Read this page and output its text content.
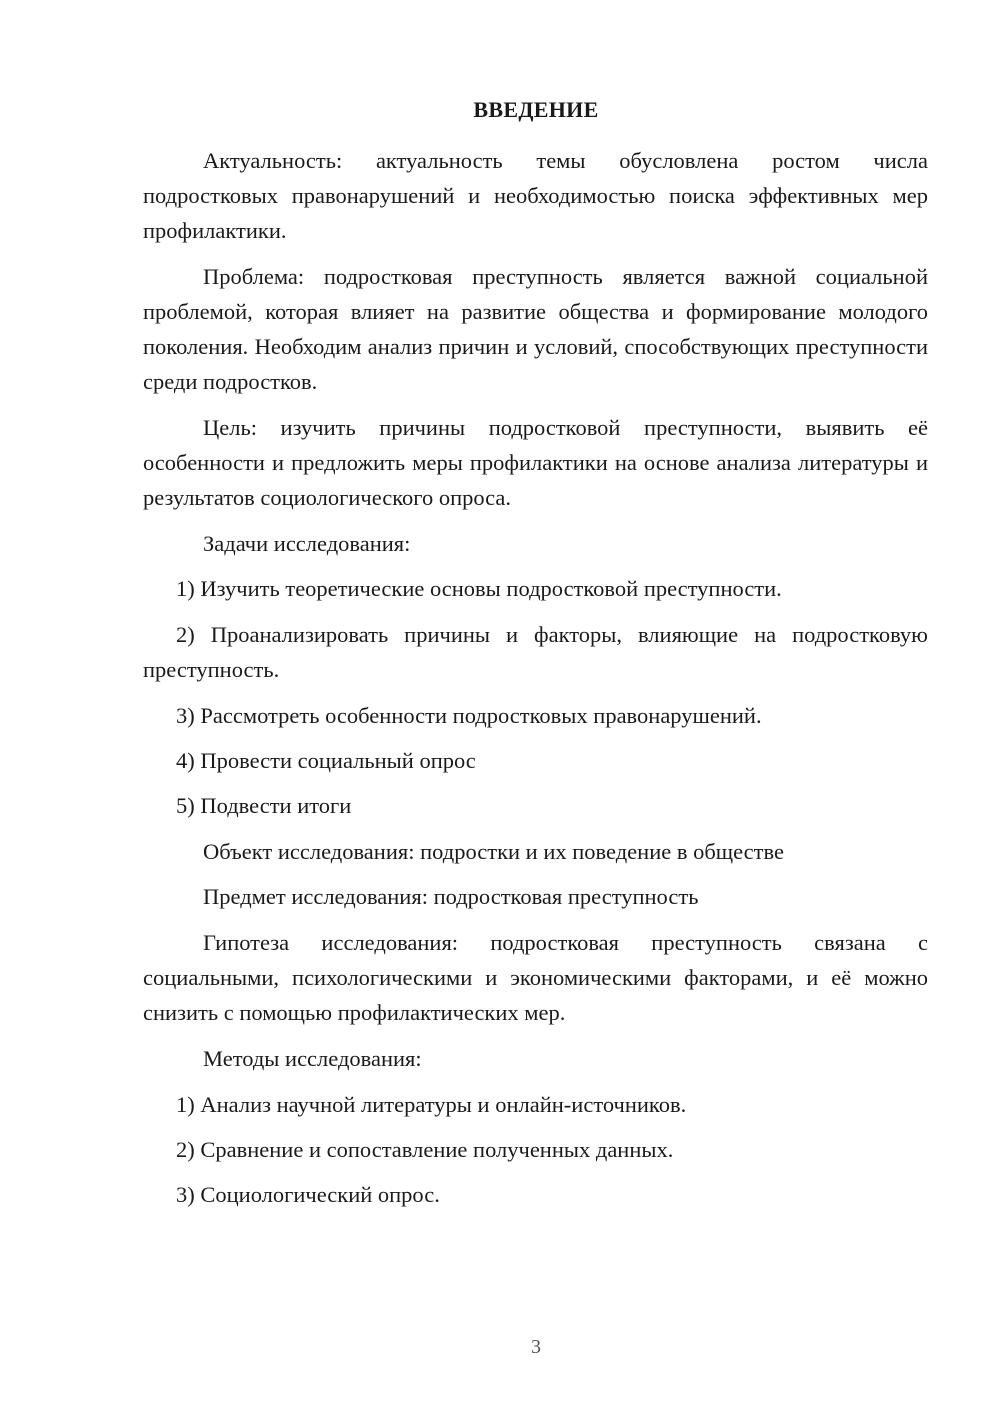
ВВЕДЕНИЕ

Актуальность: актуальность темы обусловлена ростом числа подростковых правонарушений и необходимостью поиска эффективных мер профилактики.

Проблема: подростковая преступность является важной социальной проблемой, которая влияет на развитие общества и формирование молодого поколения. Необходим анализ причин и условий, способствующих преступности среди подростков.

Цель: изучить причины подростковой преступности, выявить её особенности и предложить меры профилактики на основе анализа литературы и результатов социологического опроса.

Задачи исследования:
1) Изучить теоретические основы подростковой преступности.

2) Проанализировать причины и факторы, влияющие на подростковую преступность.

3) Рассмотреть особенности подростковых правонарушений.
4) Провести социальный опрос
5) Подвести итоги
Объект исследования: подростки и их поведение в обществе
Предмет исследования: подростковая преступность

Гипотеза исследования: подростковая преступность связана с социальными, психологическими и экономическими факторами, и её можно снизить с помощью профилактических мер.

Методы исследования:
1) Анализ научной литературы и онлайн-источников.
2) Сравнение и сопоставление полученных данных.
3) Социологический опрос.
3
